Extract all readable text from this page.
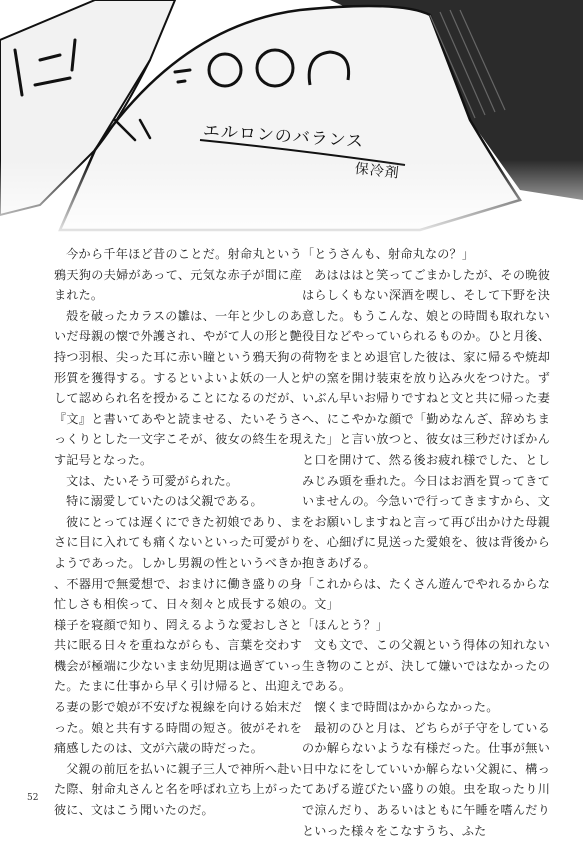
エルロンのバランス
保冷剤

今から千年ほど昔のことだ。射命丸という鴉天狗の夫婦があって、元気な赤子が間に産まれた。

殻を破ったカラスの雛は、一年と少しのあいだ母親の懐で外護され、やがて人の形と艶持つ羽根、尖った耳に赤い瞳という鴉天狗の形質を獲得する。するといよいよ妖の一人として認められ名を授かることになるのだが、『文』と書いてあやと読ませる、たいそうさっくりとした一文字こそが、彼女の終生を現す記号となった。

文は、たいそう可愛がられた。

特に溺愛していたのは父親である。

彼にとっては遅くにできた初娘であり、まさに目に入れても痛くないといった可愛がりようであった。しかし男親の性というべきか、不器用で無愛想で、おまけに働き盛りの身忙しさも相俟って、日々刻々と成長する娘の様子を寝顔で知り、罔えるような愛おしさと共に眠る日々を重ねながらも、言葉を交わす機会が極端に少ないまま幼児期は過ぎていった。たまに仕事から早く引け帰ると、出迎える妻の影で娘が不安げな視線を向ける始末だった。娘と共有する時間の短さ。彼がそれを痛感したのは、文が六歳の時だった。

父親の前厄を払いに親子三人で神所へ赴いた際、射命丸さんと名を呼ばれ立ち上がった彼に、文はこう聞いたのだ。

「とうさんも、射命丸なの？」

あはははと笑ってごまかしたが、その晩彼はらしくもない深酒を喫し、そして下野を決意した。もうこんな、娘との時間も取れない役目などやっていられるものか。ひと月後、荷物をまとめ退官した彼は、家に帰るや焼却炉の窯を開け装束を放り込み火をつけた。ずいぶん早いお帰りですねと文と共に帰った妻へ、にこやかな顔で「勤めなんざ、辞めちまえた」と言い放つと、彼女は三秒だけぽかんと口を開けて、然る後お疲れ様でした、としみじみ頭を垂れた。今日はお酒を買ってきていませんの。今急いで行ってきますから、文をお願いしますねと言って再び出かけた母親を、心細げに見送った愛娘を、彼は背後から抱きあげる。

「これからは、たくさん遊んでやれるからな。文」

「ほんとう？」

文も文で、この父親という得体の知れない生き物のことが、決して嫌いではなかったのである。

懐くまで時間はかからなかった。

最初のひと月は、どちらが子守をしているのか解らないような有様だった。仕事が無い日中なにをしていいか解らない父親に、構ってあげる遊びたい盛りの娘。虫を取ったり川で涼んだり、あるいはともに午睡を嗜んだりといった様々をこなすうち、ふた

52
